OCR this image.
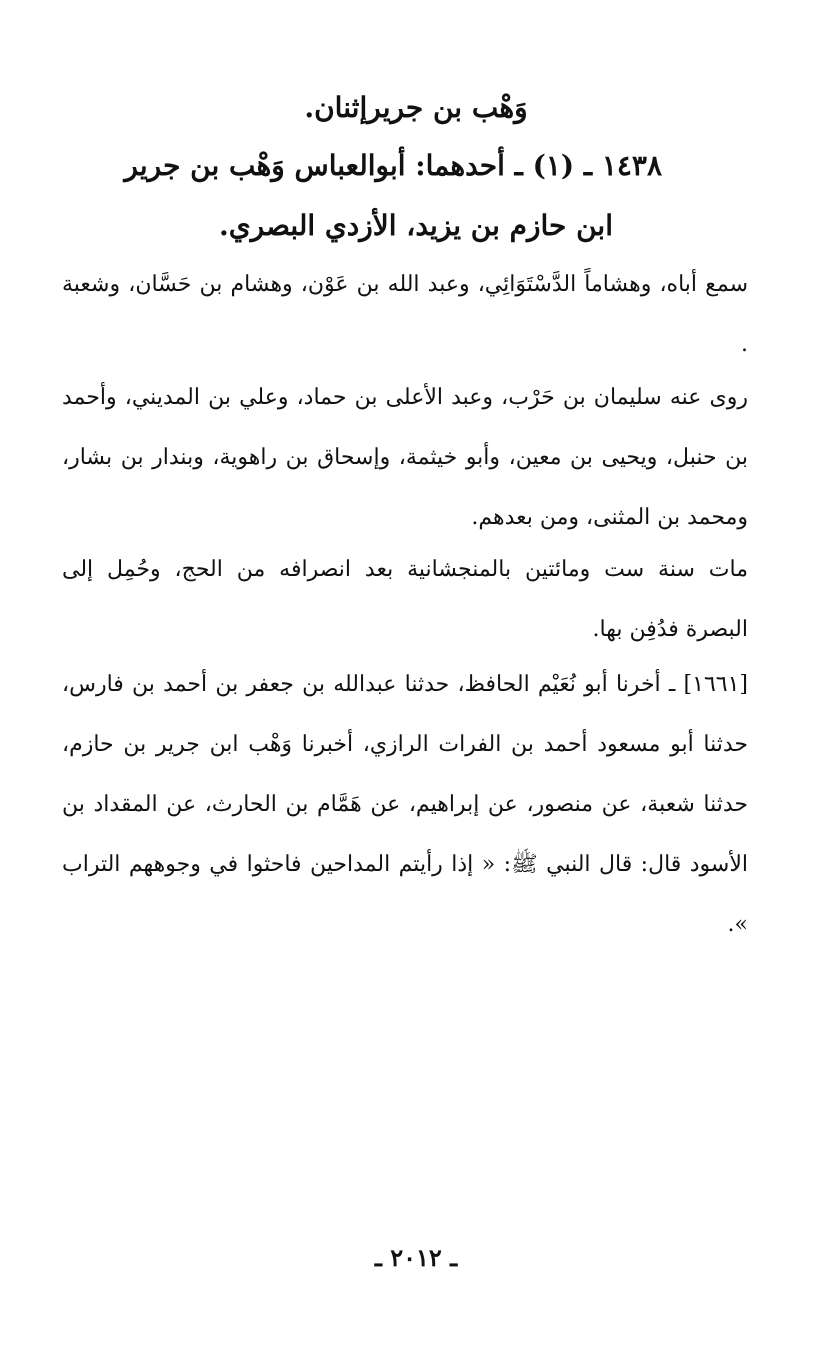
وَهْب بن جريرإثنان.
١٤٣٨ ـ (١) ـ أحدهما: أبوالعباس وَهْب بن جرير
ابن حازم بن يزيد، الأزدي البصري.

سمع أباه، وهشاماً الدَّسْتَوَائِي، وعبد الله بن عَوْن، وهشام بن حَسَّان، وشعبة .

روى عنه سليمان بن حَرْب، وعبد الأعلى بن حماد، وعلي بن المديني، وأحمد بن حنبل، ويحيى بن معين، وأبو خيثمة، وإسحاق بن راهوية، وبندار بن بشار، ومحمد بن المثنى، ومن بعدهم.

مات سنة ست ومائتين بالمنجشانية بعد انصرافه من الحج، وحُمِل إلى البصرة فدُفِن بها.

[١٦٦١] ـ أخرنا أبو نُعَيْم الحافظ، حدثنا عبدالله بن جعفر بن أحمد بن فارس، حدثنا أبو مسعود أحمد بن الفرات الرازي، أخبرنا وَهْب ابن جرير بن حازم، حدثنا شعبة، عن منصور، عن إبراهيم، عن هَمَّام بن الحارث، عن المقداد بن الأسود قال: قال النبي ﷺ: « إذا رأيتم المداحين فاحثوا في وجوههم التراب ».

ـ ٢٠١٢ ـ
